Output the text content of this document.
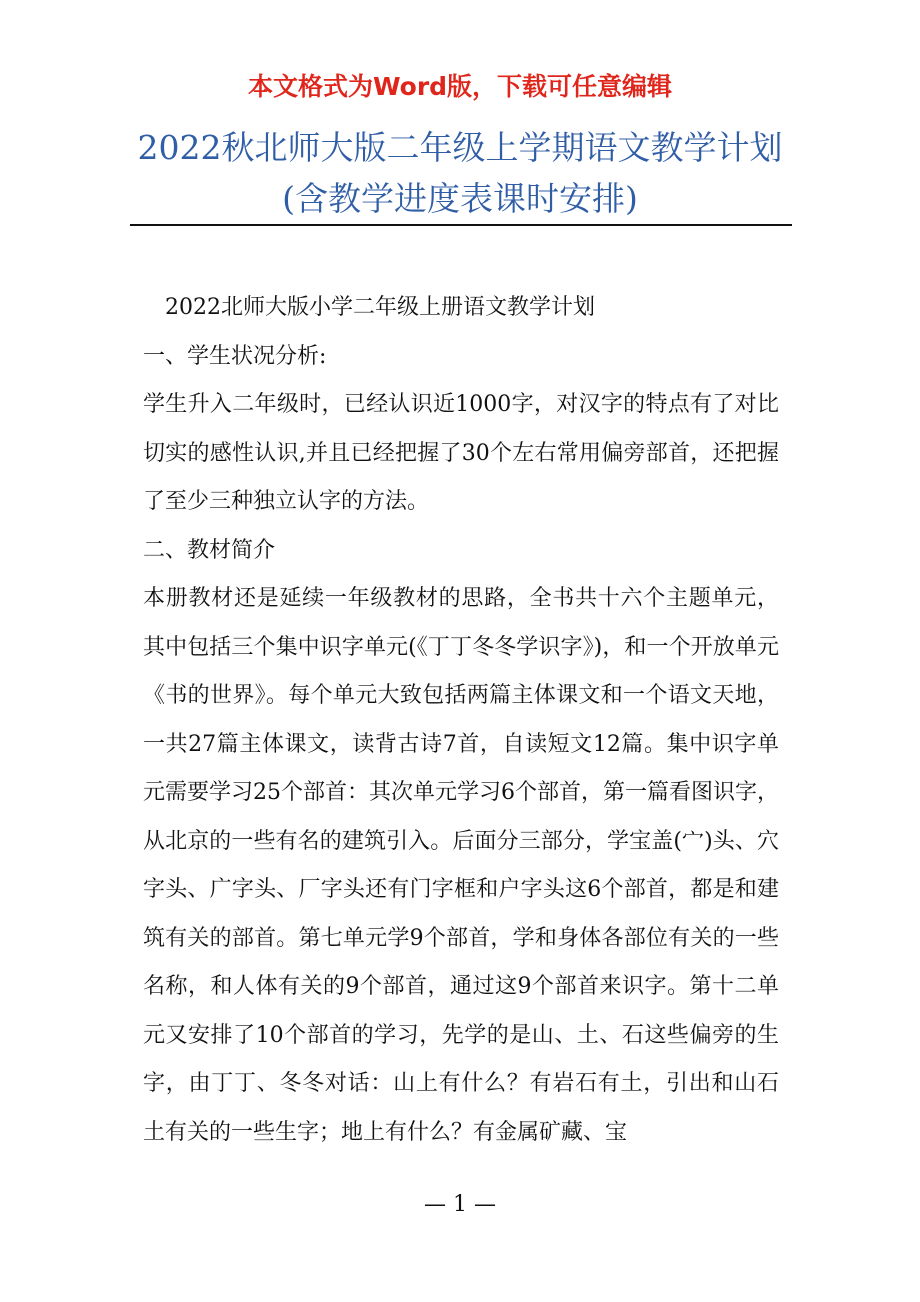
本文格式为Word版，下载可任意编辑
2022秋北师大版二年级上学期语文教学计划(含教学进度表课时安排)

2022北师大版小学二年级上册语文教学计划

一、学生状况分析:

学生升入二年级时，已经认识近1000字，对汉字的特点有了对比切实的感性认识,并且已经把握了30个左右常用偏旁部首，还把握了至少三种独立认字的方法。

二、教材简介

本册教材还是延续一年级教材的思路，全书共十六个主题单元，其中包括三个集中识字单元(《丁丁冬冬学识字》)，和一个开放单元《书的世界》。每个单元大致包括两篇主体课文和一个语文天地，一共27篇主体课文，读背古诗7首，自读短文12篇。集中识字单元需要学习25个部首：其次单元学习6个部首，第一篇看图识字，从北京的一些有名的建筑引入。后面分三部分，学宝盖(宀)头、穴字头、广字头、厂字头还有门字框和户字头这6个部首，都是和建筑有关的部首。第七单元学9个部首，学和身体各部位有关的一些名称，和人体有关的9个部首，通过这9个部首来识字。第十二单元又安排了10个部首的学习，先学的是山、土、石这些偏旁的生字，由丁丁、冬冬对话：山上有什么？有岩石有土，引出和山石土有关的一些生字；地上有什么？有金属矿藏、宝

— 1 —
